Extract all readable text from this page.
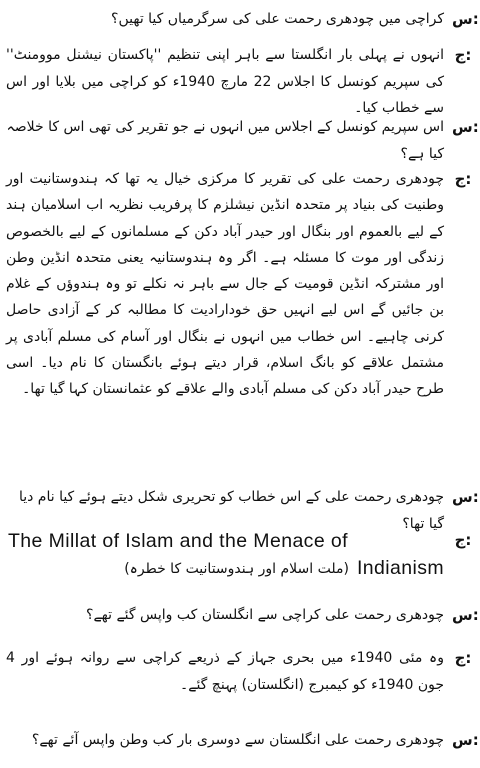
س:
کراچی میں چودھری رحمت علی کی سرگرمیاں کیا تھیں؟
ج:
انہوں نے پہلی بار انگلستا سے باہر اپنی تنظیم ''پاکستان نیشنل موومنٹ'' کی سپریم کونسل کا اجلاس 22 مارچ 1940ء کو کراچی میں بلایا اور اس سے خطاب کیا۔
س:
اس سپریم کونسل کے اجلاس میں انہوں نے جو تقریر کی تھی اس کا خلاصہ کیا ہے؟
ج:
چودھری رحمت علی کی تقریر کا مرکزی خیال یہ تھا کہ ہندوستانیت اور وطنیت کی بنیاد پر متحدہ انڈین نیشلزم کا پرفریب نظریہ اب اسلامیان ہند کے لیے بالعموم اور بنگال اور حیدر آباد دکن کے مسلمانوں کے لیے بالخصوص زندگی اور موت کا مسئلہ ہے۔ اگر وہ ہندوستانیہ یعنی متحدہ انڈین وطن اور مشترکہ انڈین قومیت کے جال سے باہر نہ نکلے تو وہ ہندوؤں کے غلام بن جائیں گے اس لیے انہیں حق خودارادیت کا مطالبہ کر کے آزادی حاصل کرنی چاہیے۔ اس خطاب میں انہوں نے بنگال اور آسام کی مسلم آبادی پر مشتمل علاقے کو بانگ اسلام، قرار دیتے ہوئے بانگستان کا نام دیا۔ اسی طرح حیدر آباد دکن کی مسلم آبادی والے علاقے کو عثمانستان کہا گیا تھا۔
س:
چودھری رحمت علی کے اس خطاب کو تحریری شکل دیتے ہوئے کیا نام دیا گیا تھا؟
ج:
The Millat of Islam and the Menace of
(ملت اسلام اور ہندوستانیت کا خطرہ) Indianism
س:
چودھری رحمت علی کراچی سے انگلستان کب واپس گئے تھے؟
ج:
وہ مئی 1940ء میں بحری جہاز کے ذریعے کراچی سے روانہ ہوئے اور 4 جون 1940ء کو کیمبرج (انگلستان) پہنچ گئے۔
س:
چودھری رحمت علی انگلستان سے دوسری بار کب وطن واپس آئے تھے؟
